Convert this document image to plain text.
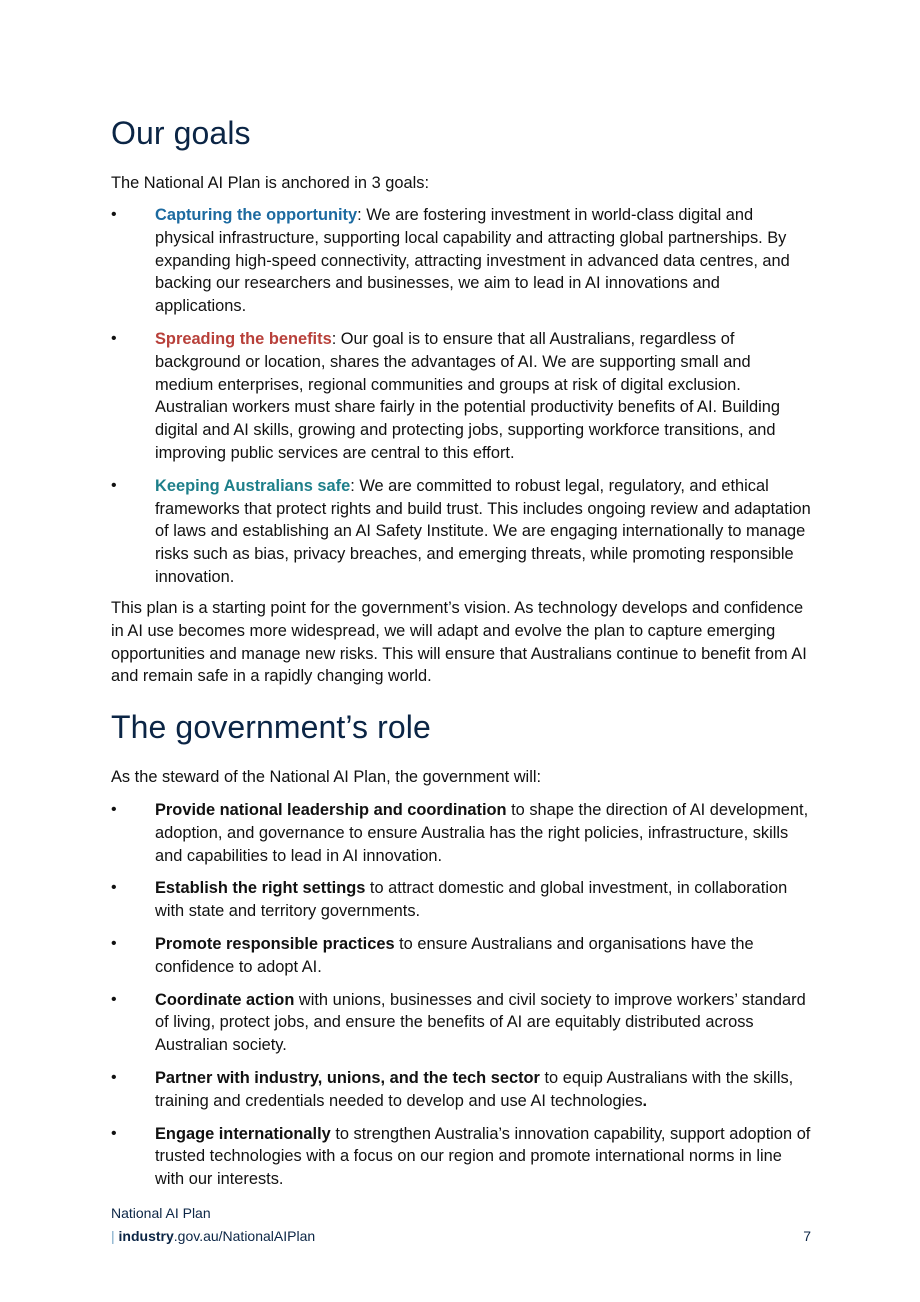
Our goals

The National AI Plan is anchored in 3 goals:

• Capturing the opportunity: We are fostering investment in world-class digital and physical infrastructure, supporting local capability and attracting global partnerships. By expanding high-speed connectivity, attracting investment in advanced data centres, and backing our researchers and businesses, we aim to lead in AI innovations and applications.
• Spreading the benefits: Our goal is to ensure that all Australians, regardless of background or location, shares the advantages of AI. We are supporting small and medium enterprises, regional communities and groups at risk of digital exclusion. Australian workers must share fairly in the potential productivity benefits of AI. Building digital and AI skills, growing and protecting jobs, supporting workforce transitions, and improving public services are central to this effort.
• Keeping Australians safe: We are committed to robust legal, regulatory, and ethical frameworks that protect rights and build trust. This includes ongoing review and adaptation of laws and establishing an AI Safety Institute. We are engaging internationally to manage risks such as bias, privacy breaches, and emerging threats, while promoting responsible innovation.

This plan is a starting point for the government’s vision. As technology develops and confidence in AI use becomes more widespread, we will adapt and evolve the plan to capture emerging opportunities and manage new risks. This will ensure that Australians continue to benefit from AI and remain safe in a rapidly changing world.

The government’s role

As the steward of the National AI Plan, the government will:

• Provide national leadership and coordination to shape the direction of AI development, adoption, and governance to ensure Australia has the right policies, infrastructure, skills and capabilities to lead in AI innovation.
• Establish the right settings to attract domestic and global investment, in collaboration with state and territory governments.
• Promote responsible practices to ensure Australians and organisations have the confidence to adopt AI.
• Coordinate action with unions, businesses and civil society to improve workers’ standard of living, protect jobs, and ensure the benefits of AI are equitably distributed across Australian society.
• Partner with industry, unions, and the tech sector to equip Australians with the skills, training and credentials needed to develop and use AI technologies.
• Engage internationally to strengthen Australia’s innovation capability, support adoption of trusted technologies with a focus on our region and promote international norms in line with our interests.
National AI Plan
| industry.gov.au/NationalAIPlan	7
